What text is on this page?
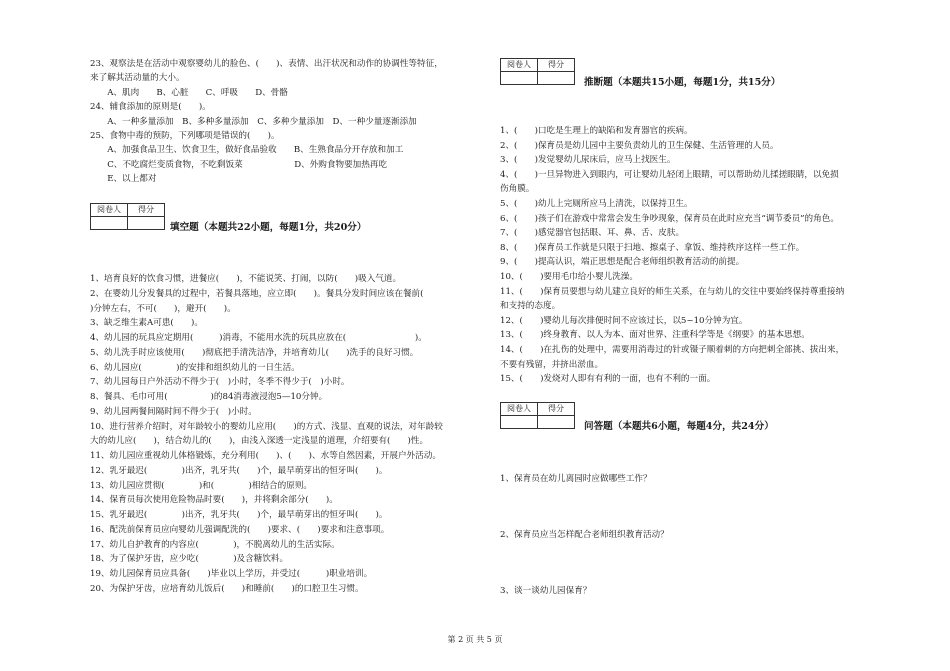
23、观察法是在活动中观察婴幼儿的脸色、(　　)、表情、出汗状况和动作的协调性等特征，
来了解其活动量的大小。
　　A、肌肉　　B、心脏　　C、呼吸　　D、骨骼
24、辅食添加的原则是(　　)。
　　A、一种多量添加　B、多种多量添加　C、多种少量添加　D、一种少量逐渐添加
25、食物中毒的预防，下列哪项是错误的(　　)。
　　A、加强食品卫生、饮食卫生，做好食品验收　　B、生熟食品分开存放和加工
　　C、不吃腐烂变质食物，不吃剩饭菜　　　　　　D、外购食物要加热再吃
　　E、以上都对
阅卷人	得分

填空题（本题共22小题，每题1分，共20分）
1、培育良好的饮食习惯，进餐应(　　)，不能说笑、打闹，以防(　　)吸入气道。
2、在婴幼儿分发餐具的过程中，若餐具落地，应立即(　　)。餐具分发时间应该在餐前(　　
)分钟左右，不可(　　)，避开(　　)。
3、缺乏维生素A可患(　　)。
4、幼儿园的玩具应定期用(　　　)消毒，不能用水洗的玩具应放在(　　　　　　　　)。
5、幼儿洗手时应该使用(　　)彻底把手清洗洁净，并培育幼儿(　　)洗手的良好习惯。
6、幼儿园应(　　　　)的安排和组织幼儿的一日生活。
7、幼儿园每日户外活动不得少于(　)小时，冬季不得少于(　)小时。
8、餐具、毛巾可用(　　　　　)的84消毒液浸泡5—10分钟。
9、幼儿园两餐间隔时间不得少于(　)小时。
10、进行营养介绍时，对年龄较小的婴幼儿应用(　　)的方式、浅显、直观的说法，对年龄较
大的幼儿应(　　)，结合幼儿的(　　)，由浅入深透一定浅显的道理，介绍要有(　　)性。
11、幼儿园应重视幼儿体格锻炼，充分利用(　　)、(　　)、水等自然因素，开展户外活动。
12、乳牙最迟(　　　　)出齐，乳牙共(　　)个，最早萌芽出的恒牙叫(　　)。
13、幼儿园应贯彻(　　　　)和(　　　　)相结合的原则。
14、保育员每次使用危险物品时要(　　)，并将剩余部分(　　)。
15、乳牙最迟(　　　　)出齐，乳牙共(　　)个，最早萌芽出的恒牙叫(　　)。
16、配洗前保育员应向婴幼儿强调配洗的(　　)要求、(　　)要求和注意事项。
17、幼儿自护教育的内容应(　　　　)，不脱离幼儿的生活实际。
18、为了保护牙齿，应少吃(　　　　)及含糖饮料。
19、幼儿园保育员应具备(　　)毕业以上学历，并受过(　　　)职业培训。
20、为保护牙齿，应培育幼儿饭后(　　)和睡前(　　)的口腔卫生习惯。
阅卷人	得分

推断题（本题共15小题，每题1分，共15分）
1、(　　)口吃是生理上的缺陷和发育器官的疾病。
2、(　　)保育员是幼儿园中主要负责幼儿的卫生保健、生活管理的人员。
3、(　　)发觉婴幼儿尿床后，应马上找医生。
4、(　　)一旦异物进入到眼内，可让婴幼儿轻闭上眼睛，可以帮助幼儿揉搓眼睛，以免损
伤角膜。
5、(　　)幼儿上完厕所应马上清洗，以保持卫生。
6、(　　)孩子们在游戏中常常会发生争吵现象，保育员在此时应充当“调节委员”的角色。
7、(　　)感觉器官包括眼、耳、鼻、舌、皮肤。
8、(　　)保育员工作就是只限于扫地、擦桌子、拿饭、维持秩序这样一些工作。
9、(　　)提高认识，端正思想是配合老师组织教育活动的前提。
10、(　　)要用毛巾给小婴儿洗澡。
11、(　　)保育员要想与幼儿建立良好的师生关系，在与幼儿的交往中要始终保持尊重接纳
和支持的态度。
12、(　　)婴幼儿每次排便时间不应该过长，以5~10分钟为宜。
13、(　　)终身教育、以人为本、面对世界、注重科学等是《纲要》的基本思想。
14、(　　)在扎伤的处理中，需要用消毒过的针或镊子顺着刺的方向把刺全部挑、拔出来，
不要有残留，并挤出淤血。
15、(　　)发烧对人即有有利的一面，也有不利的一面。
阅卷人	得分

问答题（本题共6小题，每题4分，共24分）
1、保育员在幼儿离园时应做哪些工作？
2、保育员应当怎样配合老师组织教育活动？
3、谈一谈幼儿园保育？
第 2 页 共 5 页
